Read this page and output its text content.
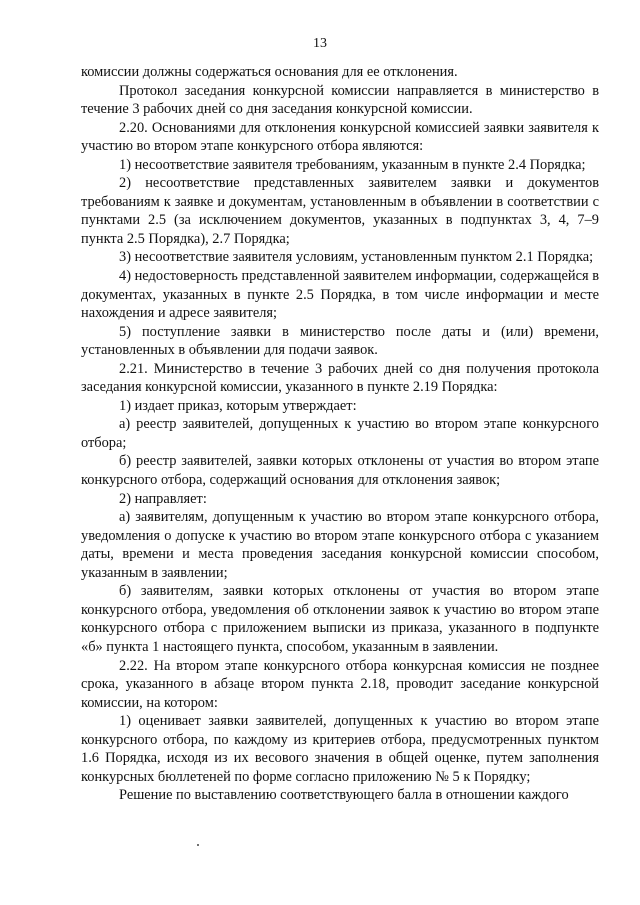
13

комиссии должны содержаться основания для ее отклонения.

Протокол заседания конкурсной комиссии направляется в министерство в течение 3 рабочих дней со дня заседания конкурсной комиссии.

2.20. Основаниями для отклонения конкурсной комиссией заявки заявителя к участию во втором этапе конкурсного отбора являются:

1) несоответствие заявителя требованиям, указанным в пункте 2.4 Порядка;

2) несоответствие представленных заявителем заявки и документов требованиям к заявке и документам, установленным в объявлении в соответствии с пунктами 2.5 (за исключением документов, указанных в подпунктах 3, 4, 7–9 пункта 2.5 Порядка), 2.7 Порядка;

3) несоответствие заявителя условиям, установленным пунктом 2.1 Порядка;

4) недостоверность представленной заявителем информации, содержащейся в документах, указанных в пункте 2.5 Порядка, в том числе информации и месте нахождения и адресе заявителя;

5) поступление заявки в министерство после даты и (или) времени, установленных в объявлении для подачи заявок.

2.21. Министерство в течение 3 рабочих дней со дня получения протокола заседания конкурсной комиссии, указанного в пункте 2.19 Порядка:

1) издает приказ, которым утверждает:

а) реестр заявителей, допущенных к участию во втором этапе конкурсного отбора;

б) реестр заявителей, заявки которых отклонены от участия во втором этапе конкурсного отбора, содержащий основания для отклонения заявок;

2) направляет:

а) заявителям, допущенным к участию во втором этапе конкурсного отбора, уведомления о допуске к участию во втором этапе конкурсного отбора с указанием даты, времени и места проведения заседания конкурсной комиссии способом, указанным в заявлении;

б) заявителям, заявки которых отклонены от участия во втором этапе конкурсного отбора, уведомления об отклонении заявок к участию во втором этапе конкурсного отбора с приложением выписки из приказа, указанного в подпункте «б» пункта 1 настоящего пункта, способом, указанным в заявлении.

2.22. На втором этапе конкурсного отбора конкурсная комиссия не позднее срока, указанного в абзаце втором пункта 2.18, проводит заседание конкурсной комиссии, на котором:

1) оценивает заявки заявителей, допущенных к участию во втором этапе конкурсного отбора, по каждому из критериев отбора, предусмотренных пунктом 1.6 Порядка, исходя из их весового значения в общей оценке, путем заполнения конкурсных бюллетеней по форме согласно приложению № 5 к Порядку;

Решение по выставлению соответствующего балла в отношении каждого
